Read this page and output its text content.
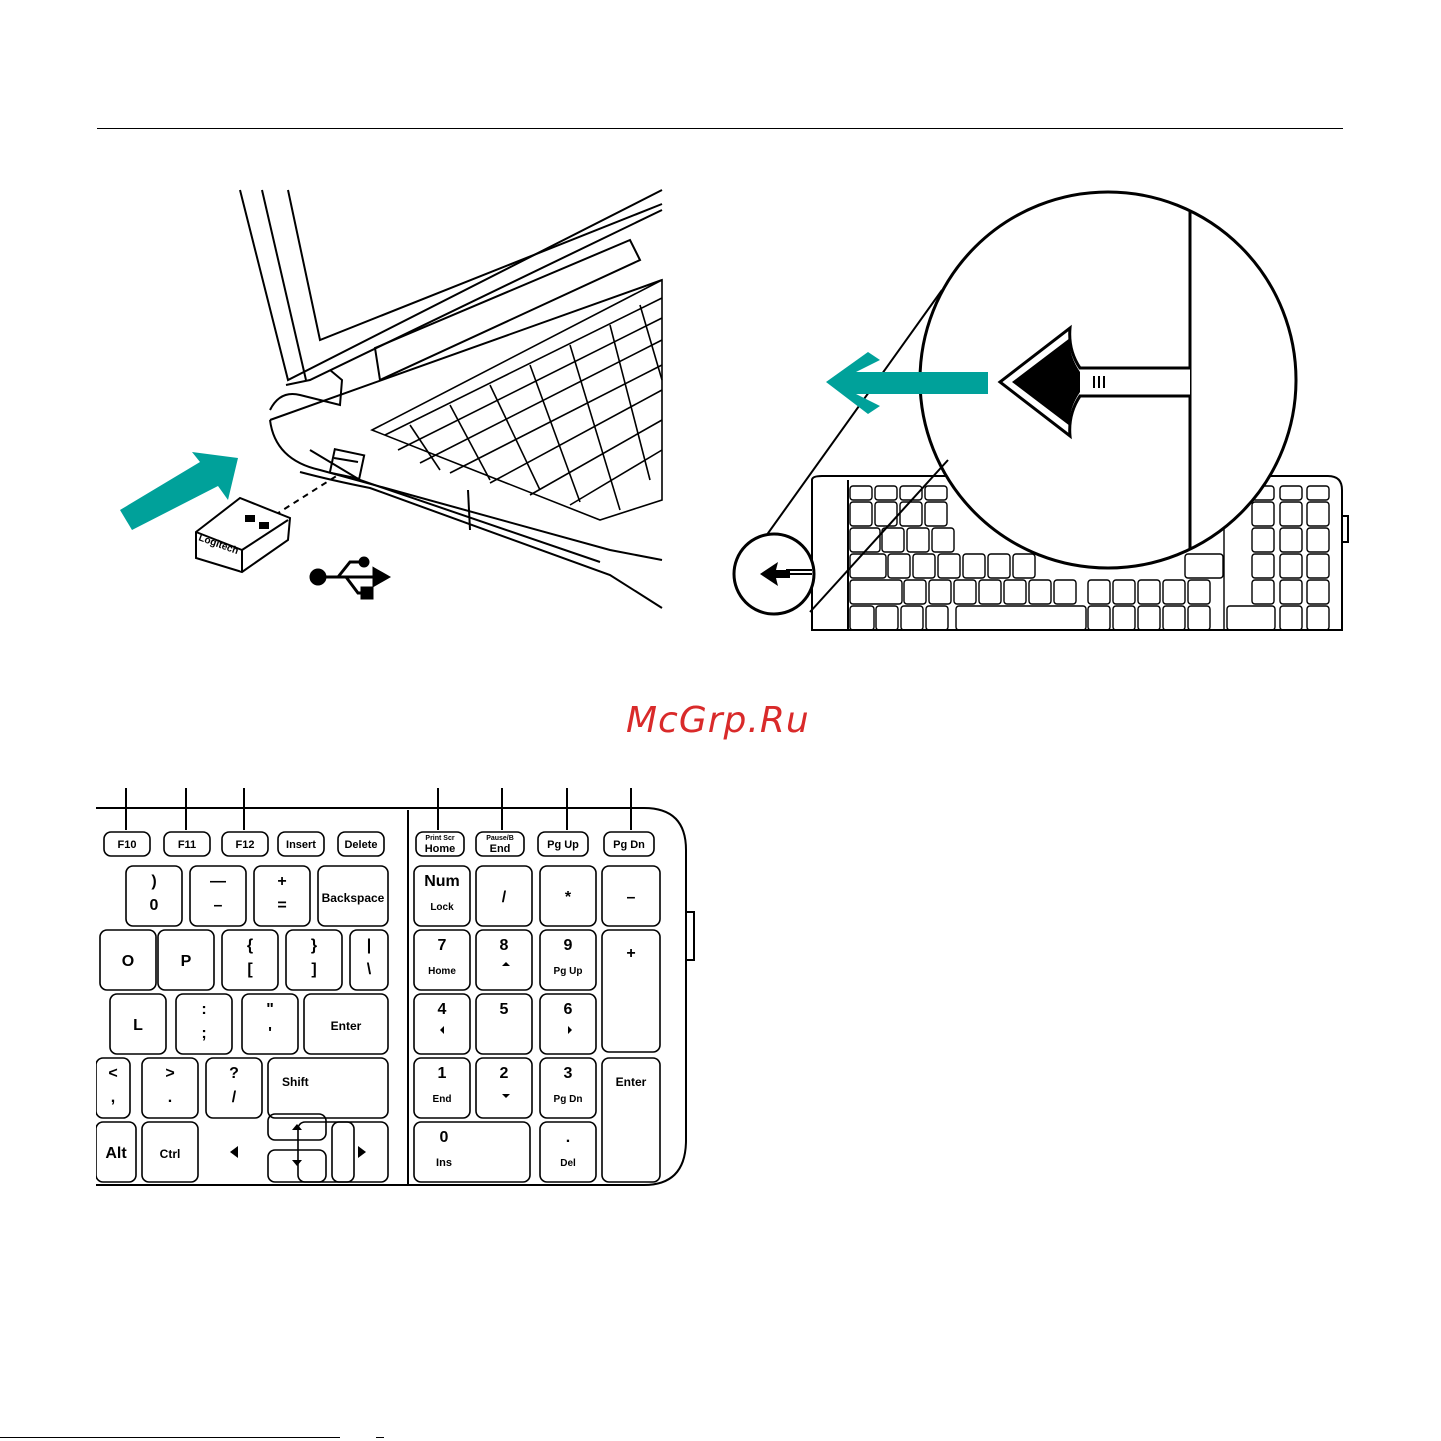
Logitech
McGrp.Ru
F10	F11	F12	Insert	Delete
Print Scr
Home
Pause/B
End	Pg Up	Pg Dn
)
0
—
–
+
=	Backspace
Num
Lock
/	*	–
O	P
{
[
}
]
|
\
7
Home
8	9
Pg Up
+
L
:
;
"
'	Enter
4	5	6
<
,
>
.
?
/
Shift	1
End
2	3
Pg Dn
Enter
Alt	Ctrl
0
Ins
.
Del
